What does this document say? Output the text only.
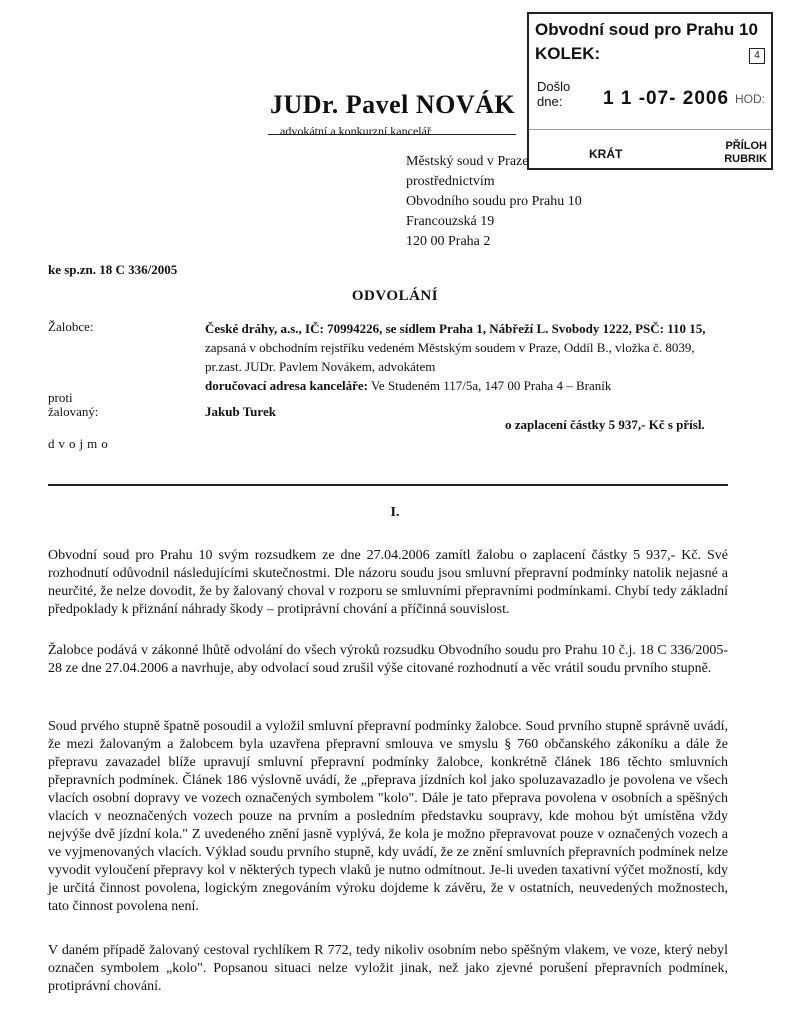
Obvodní soud pro Prahu 10
KOLEK:	4
Došlo dne:	1 1 -07- 2006 HOD:
KRÁT
PŘÍLOH
RUBRIK
JUDr. Pavel NOVÁK
advokátní a konkurzní kancelář
Městský soud v Praze
prostřednictvím
Obvodního soudu pro Prahu 10
Francouzská 19
120 00 Praha 2
ke sp.zn. 18 C 336/2005
ODVOLÁNÍ
Žalobce:	České dráhy, a.s., IČ: 70994226, se sídlem Praha 1, Nábřeží L. Svobody 1222, PSČ: 110 15,
zapsaná v obchodním rejstříku vedeném Městským soudem v Praze, Oddíl B., vložka č. 8039,
pr.zast. JUDr. Pavlem Novákem, advokátem
doručovací adresa kanceláře: Ve Studeném 117/5a, 147 00 Praha 4 – Braník
proti
žalovaný:	Jakub Turek
o zaplacení částky 5 937,- Kč s přísl.
dvojmo
I.

Obvodní soud pro Prahu 10 svým rozsudkem ze dne 27.04.2006 zamítl žalobu o zaplacení částky 5 937,- Kč. Své rozhodnutí odůvodnil následujícími skutečnostmi. Dle názoru soudu jsou smluvní přepravní podmínky natolik nejasné a neurčité, že nelze dovodit, že by žalovaný choval v rozporu se smluvními přepravními podmínkami. Chybí tedy základní předpoklady k přiznání náhrady škody – protiprávní chování a příčinná souvislost.

Žalobce podává v zákonné lhůtě odvolání do všech výroků rozsudku Obvodního soudu pro Prahu 10 č.j. 18 C 336/2005-28 ze dne 27.04.2006 a navrhuje, aby odvolací soud zrušil výše citované rozhodnutí a věc vrátil soudu prvního stupně.

Soud prvého stupně špatně posoudil a vyložil smluvní přepravní podmínky žalobce. Soud prvního stupně správně uvádí, že mezi žalovaným a žalobcem byla uzavřena přepravní smlouva ve smyslu § 760 občanského zákoníku a dále že přepravu zavazadel blíže upravují smluvní přepravní podmínky žalobce, konkrétně článek 186 těchto smluvních přepravních podmínek. Článek 186 výslovně uvádí, že „přeprava jízdních kol jako spoluzavazadlo je povolena ve všech vlacích osobní dopravy ve vozech označených symbolem "kolo". Dále je tato přeprava povolena v osobních a spěšných vlacích v neoznačených vozech pouze na prvním a posledním představku soupravy, kde mohou být umístěna vždy nejvýše dvě jízdní kola." Z uvedeného znění jasně vyplývá, že kola je možno přepravovat pouze v označených vozech a ve vyjmenovaných vlacích. Výklad soudu prvního stupně, kdy uvádí, že ze znění smluvních přepravních podmínek nelze vyvodit vyloučení přepravy kol v některých typech vlaků je nutno odmítnout. Je-li uveden taxativní výčet možností, kdy je určitá činnost povolena, logickým znegováním výroku dojdeme k závěru, že v ostatních, neuvedených možnostech, tato činnost povolena není.

V daném případě žalovaný cestoval rychlíkem R 772, tedy nikoliv osobním nebo spěšným vlakem, ve voze, který nebyl označen symbolem „kolo". Popsanou situaci nelze vyložit jinak, než jako zjevné porušení přepravních podmínek, protiprávní chování.
